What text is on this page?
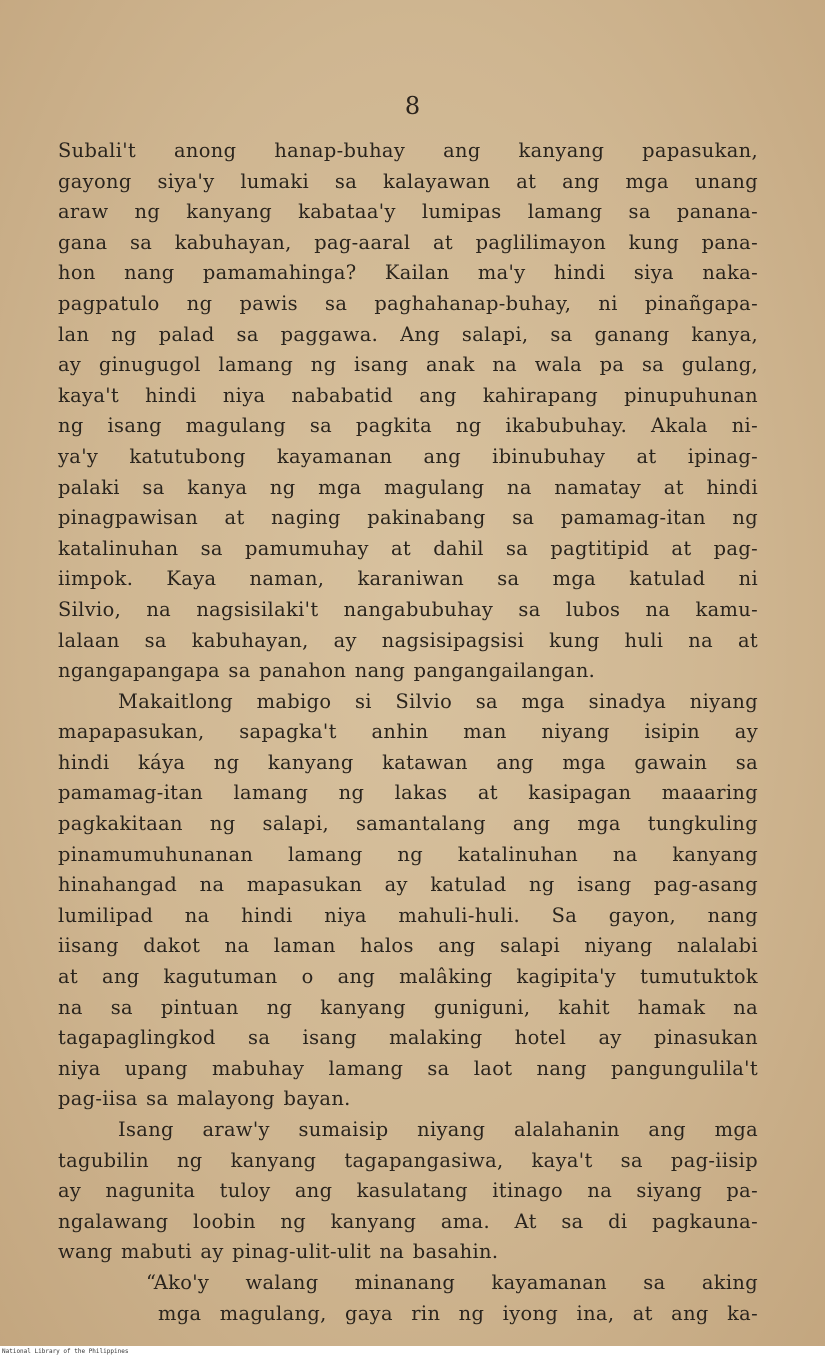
8
Subali't anong hanap-buhay ang kanyang papasukan,
gayong siya'y lumaki sa kalayawan at ang mga unang
araw ng kanyang kabataa'y lumipas lamang sa panana-
gana sa kabuhayan, pag-aaral at paglilimayon kung pana-
hon nang pamamahinga? Kailan ma'y hindi siya naka-
pagpatulo ng pawis sa paghahanap-buhay, ni pinañgapa-
lan ng palad sa paggawa. Ang salapi, sa ganang kanya,
ay ginugugol lamang ng isang anak na wala pa sa gulang,
kaya't hindi niya nababatid ang kahirapang pinupuhunan
ng isang magulang sa pagkita ng ikabubuhay. Akala ni-
ya'y katutubong kayamanan ang ibinubuhay at ipinag-
palaki sa kanya ng mga magulang na namatay at hindi
pinagpawisan at naging pakinabang sa pamamag-itan ng
katalinuhan sa pamumuhay at dahil sa pagtitipid at pag-
iimpok. Kaya naman, karaniwan sa mga katulad ni
Silvio, na nagsisilaki't nangabubuhay sa lubos na kamu-
lalaan sa kabuhayan, ay nagsisipagsisi kung huli na at
ngangapangapa sa panahon nang pangangailangan.
Makaitlong mabigo si Silvio sa mga sinadya niyang
mapapasukan, sapagka't anhin man niyang isipin ay
hindi káya ng kanyang katawan ang mga gawain sa
pamamag-itan lamang ng lakas at kasipagan maaaring
pagkakitaan ng salapi, samantalang ang mga tungkuling
pinamumuhunanan lamang ng katalinuhan na kanyang
hinahangad na mapasukan ay katulad ng isang pag-asang
lumilipad na hindi niya mahuli-huli. Sa gayon, nang
iisang dakot na laman halos ang salapi niyang nalalabi
at ang kagutuman o ang malâking kagipita'y tumutuktok
na sa pintuan ng kanyang guniguni, kahit hamak na
tagapaglingkod sa isang malaking hotel ay pinasukan
niya upang mabuhay lamang sa laot nang pangungulila't
pag-iisa sa malayong bayan.
Isang araw'y sumaisip niyang alalahanin ang mga
tagubilin ng kanyang tagapangasiwa, kaya't sa pag-iisip
ay nagunita tuloy ang kasulatang itinago na siyang pa-
ngalawang loobin ng kanyang ama. At sa di pagkauna-
wang mabuti ay pinag-ulit-ulit na basahin.
“Ako'y walang minanang kayamanan sa aking
mga magulang, gaya rin ng iyong ina, at ang ka-
National Library of the Philippines
